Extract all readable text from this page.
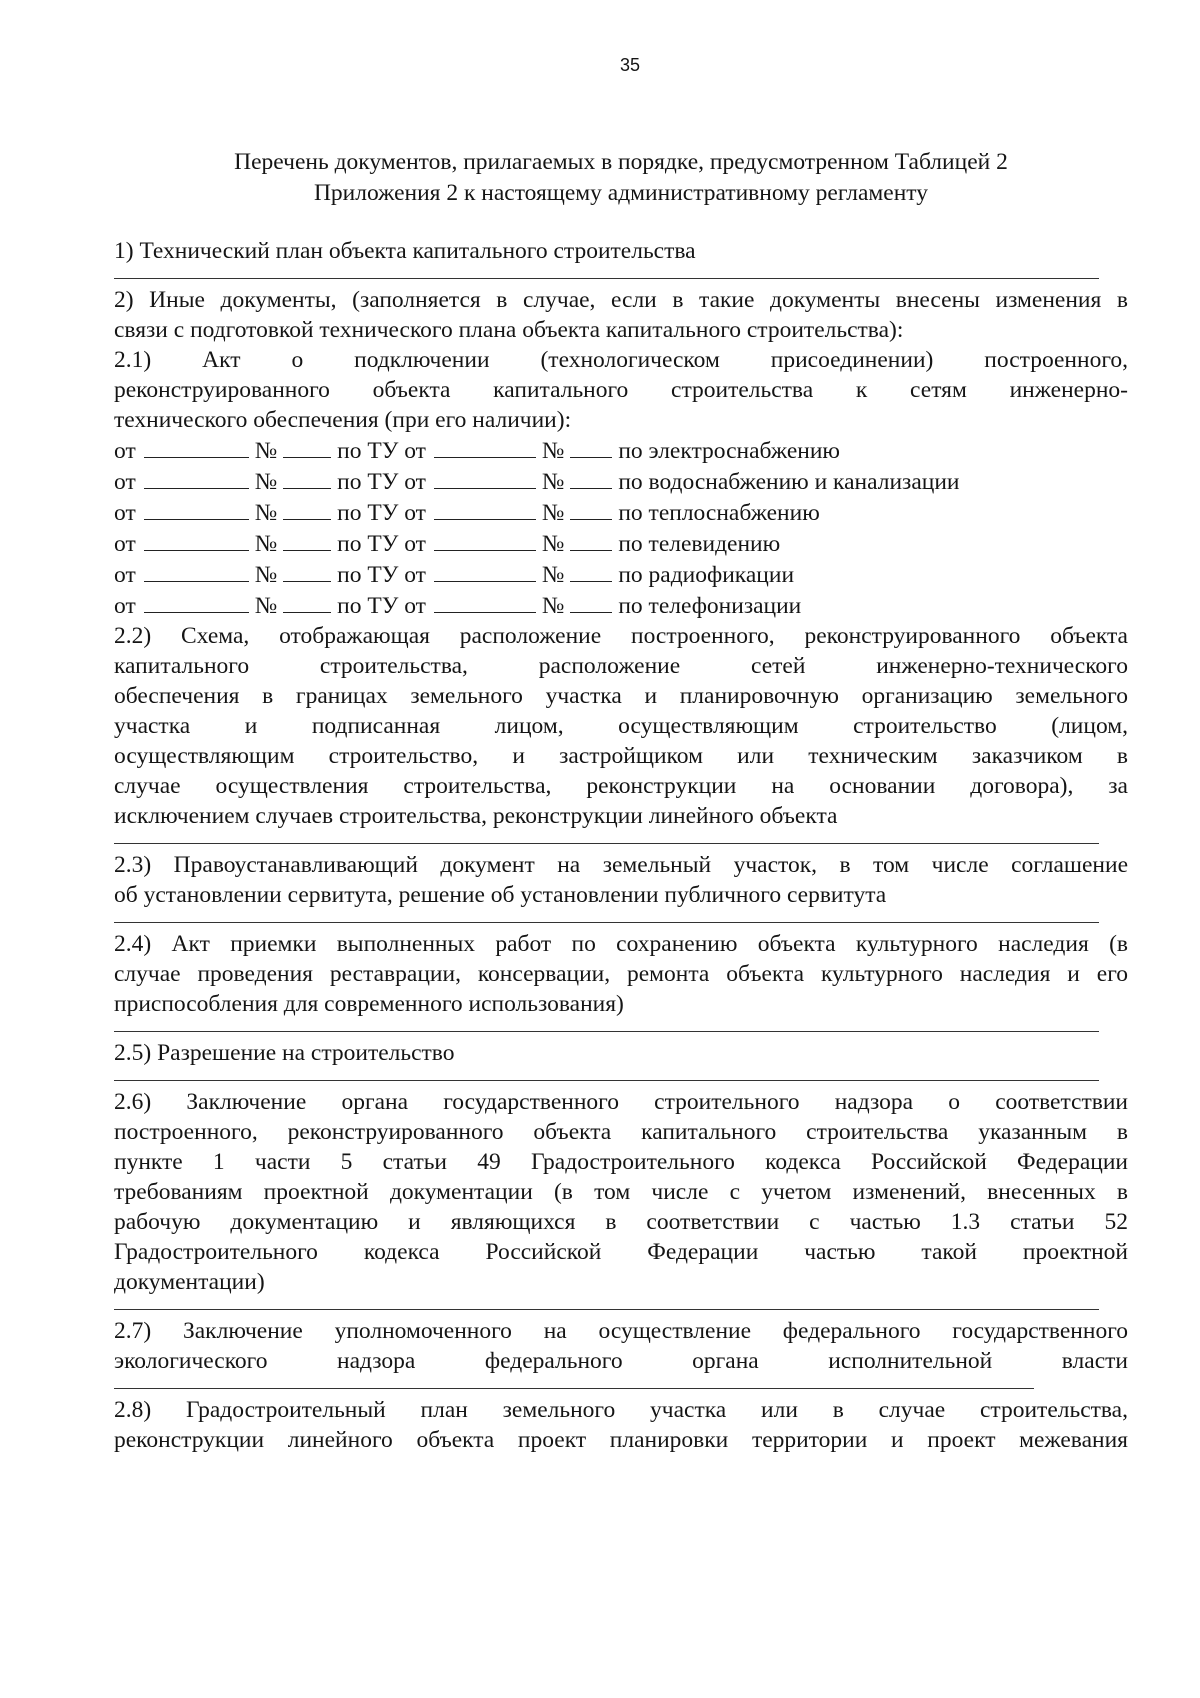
35
Перечень документов, прилагаемых в порядке, предусмотренном Таблицей 2
Приложения 2 к настоящему административному регламенту
1) Технический план объекта капитального строительства
2) Иные документы, (заполняется в случае, если в такие документы внесены изменения в
связи с подготовкой технического плана объекта капитального строительства):
2.1) Акт о подключении (технологическом присоединении) построенного,
реконструированного объекта капитального строительства к сетям инженерно-
технического обеспечения (при его наличии):
от	№	по ТУ от	№ по электроснабжению
от	№	по ТУ от	№ по водоснабжению и канализации
от	№	по ТУ от	№ по теплоснабжению
от	№	по ТУ от	№ по телевидению
от	№	по ТУ от	№ по радиофикации
от	№	по ТУ от	№ по телефонизации
2.2) Схема, отображающая расположение построенного, реконструированного объекта
капитального строительства, расположение сетей инженерно-технического
обеспечения в границах земельного участка и планировочную организацию земельного
участка и подписанная лицом, осуществляющим строительство (лицом,
осуществляющим строительство, и застройщиком или техническим заказчиком в
случае осуществления строительства, реконструкции на основании договора), за
исключением случаев строительства, реконструкции линейного объекта
2.3) Правоустанавливающий документ на земельный участок, в том числе соглашение
об установлении сервитута, решение об установлении публичного сервитута
2.4) Акт приемки выполненных работ по сохранению объекта культурного наследия (в
случае проведения реставрации, консервации, ремонта объекта культурного наследия и его
приспособления для современного использования)
2.5) Разрешение на строительство
2.6) Заключение органа государственного строительного надзора о соответствии
построенного, реконструированного объекта капитального строительства указанным в
пункте 1 части 5 статьи 49 Градостроительного кодекса Российской Федерации
требованиям проектной документации (в том числе с учетом изменений, внесенных в
рабочую документацию и являющихся в соответствии с частью 1.3 статьи 52
Градостроительного кодекса Российской Федерации частью такой проектной
документации)
2.7) Заключение уполномоченного на осуществление федерального государственного
экологического надзора федерального органа исполнительной власти
2.8) Градостроительный план земельного участка или в случае строительства,
реконструкции линейного объекта проект планировки территории и проект межевания
